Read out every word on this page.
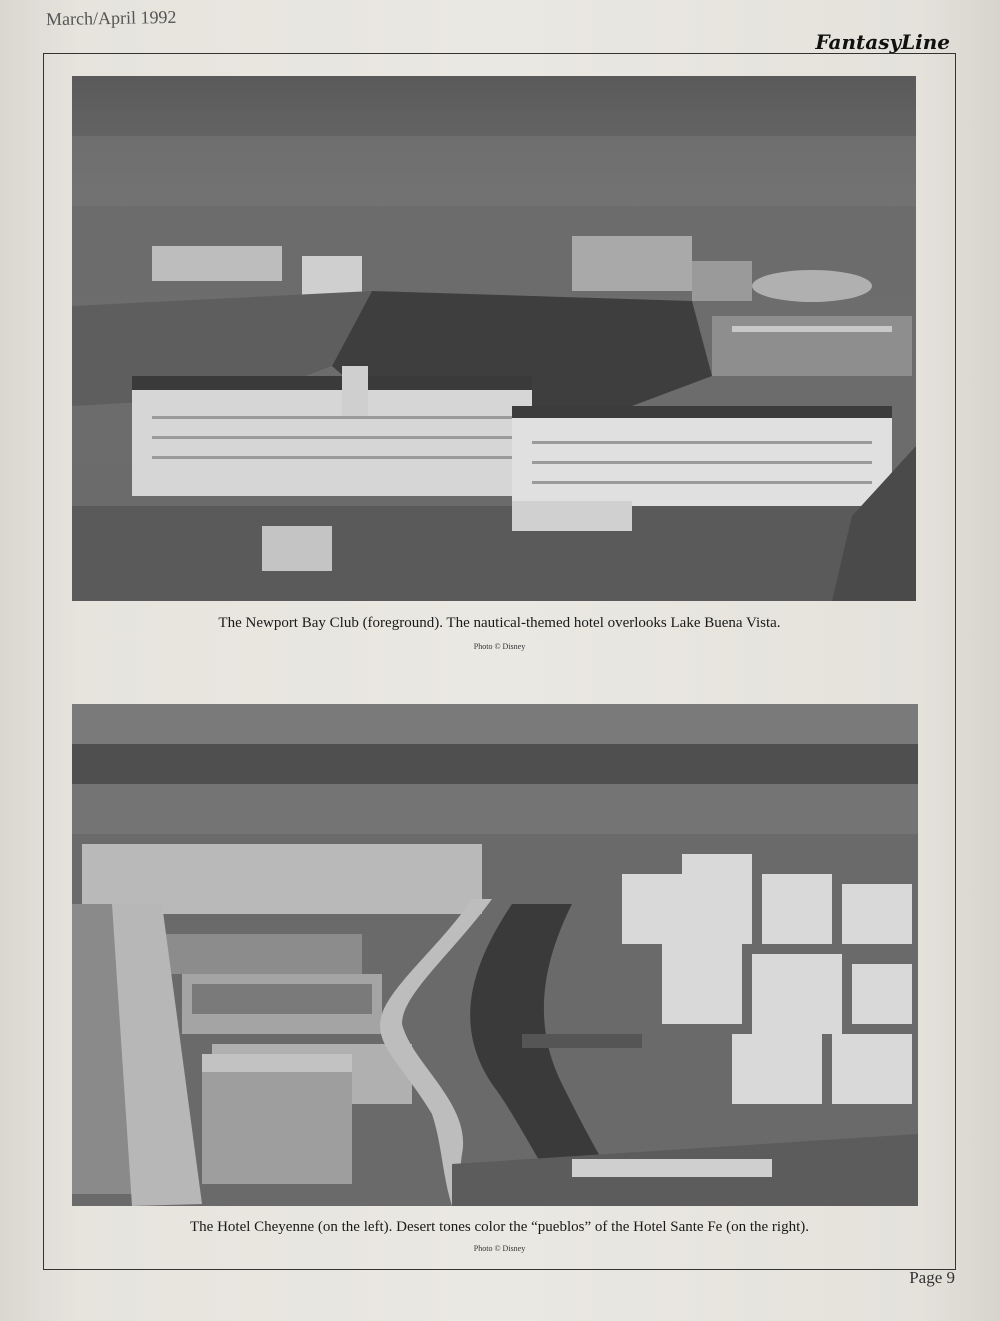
March/April 1992
FantasyLine
The Newport Bay Club (foreground). The nautical-themed hotel overlooks Lake Buena Vista.
Photo © Disney
The Hotel Cheyenne (on the left). Desert tones color the “pueblos” of the Hotel Sante Fe (on the right).
Photo © Disney
Page 9
